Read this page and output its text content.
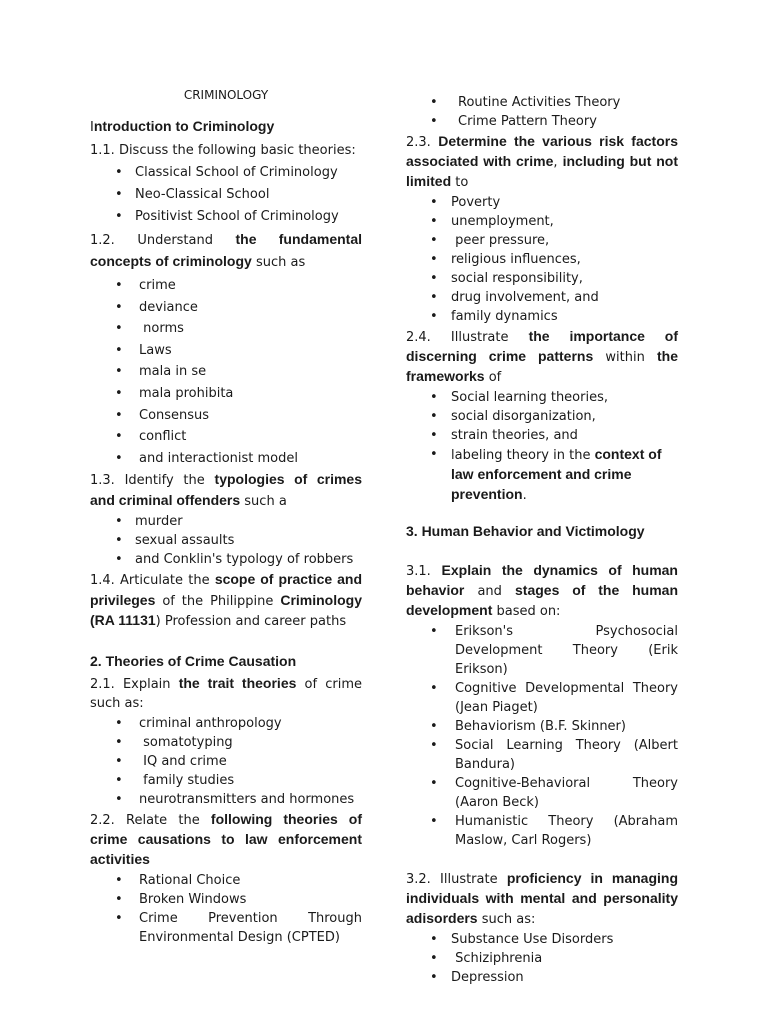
CRIMINOLOGY

Introduction to Criminology

1.1. Discuss the following basic theories:

• Classical School of Criminology
• Neo-Classical School
• Positivist School of Criminology

1.2. Understand the fundamental concepts of criminology such as

• crime
• deviance
•  norms
• Laws
• mala in se
• mala prohibita
• Consensus
• conflict
• and interactionist model

1.3. Identify the typologies of crimes and criminal offenders such a

• murder
• sexual assaults
• and Conklin's typology of robbers

1.4. Articulate the scope of practice and privileges of the Philippine Criminology (RA 11131) Profession and career paths

2. Theories of Crime Causation

2.1. Explain the trait theories of crime such as:

• criminal anthropology
•  somatotyping
•  IQ and crime
•  family studies
• neurotransmitters and hormones

2.2. Relate the following theories of crime causations to law enforcement activities

• Rational Choice
• Broken Windows
• Crime Prevention Through Environmental Design (CPTED)
• Routine Activities Theory
• Crime Pattern Theory

2.3. Determine the various risk factors associated with crime, including but not limited to

• Poverty
• unemployment,
•  peer pressure,
• religious influences,
• social responsibility,
• drug involvement, and
• family dynamics

2.4. Illustrate the importance of discerning crime patterns within the frameworks of

• Social learning theories,
• social disorganization,
• strain theories, and
• labeling theory in the context of law enforcement and crime prevention.

3. Human Behavior and Victimology

3.1. Explain the dynamics of human behavior and stages of the human development based on:

• Erikson's Psychosocial Development Theory (Erik Erikson)
• Cognitive Developmental Theory (Jean Piaget)
• Behaviorism (B.F. Skinner)
• Social Learning Theory (Albert Bandura)
• Cognitive-Behavioral Theory (Aaron Beck)
• Humanistic Theory (Abraham Maslow, Carl Rogers)

3.2. Illustrate proficiency in managing individuals with mental and personality adisorders such as:

• Substance Use Disorders
•  Schiziphrenia
• Depression
